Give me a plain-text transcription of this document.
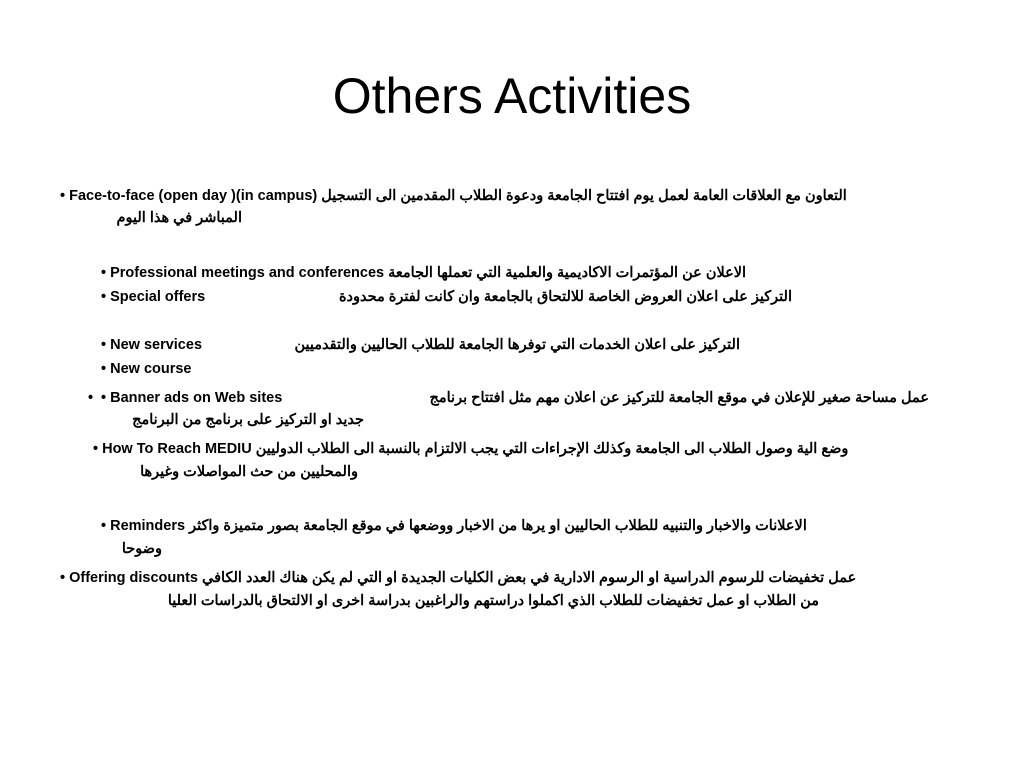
Others Activities
• Face-to-face (open day )(in campus) التعاون مع العلاقات العامة لعمل يوم افتتاح الجامعة ودعوة الطلاب المقدمين الى التسجيل
المباشر في هذا اليوم
• Professional meetings and conferences الاعلان عن المؤتمرات الاكاديمية والعلمية التي تعملها الجامعة
• Special offers	التركيز على اعلان العروض الخاصة للالتحاق بالجامعة وان كانت لفترة محدودة
• New services	التركيز على اعلان الخدمات التي توفرها الجامعة للطلاب الحاليين والتقدميين
• New course
• • Banner ads on Web sites	عمل مساحة صغير للإعلان في موقع الجامعة للتركيز عن اعلان مهم مثل افتتاح برنامج
جديد او التركيز على برنامج من البرنامج
• How To Reach MEDIU وضع الية وصول الطلاب الى الجامعة وكذلك الإجراءات التي يجب الالتزام بالنسبة الى الطلاب الدوليين
والمحليين من حث المواصلات وغيرها
• Reminders الاعلانات والاخبار والتنبيه للطلاب الحاليين او يرها من الاخبار ووضعها في موقع الجامعة بصور متميزة واكثر
وضوحا
• Offering discounts عمل تخفيضات للرسوم الدراسية او الرسوم الادارية في بعض الكليات الجديدة او التي لم يكن هناك العدد الكافي
من الطلاب او عمل تخفيضات للطلاب الذي اكملوا دراستهم والراغبين بدراسة اخرى او الالتحاق بالدراسات العليا
